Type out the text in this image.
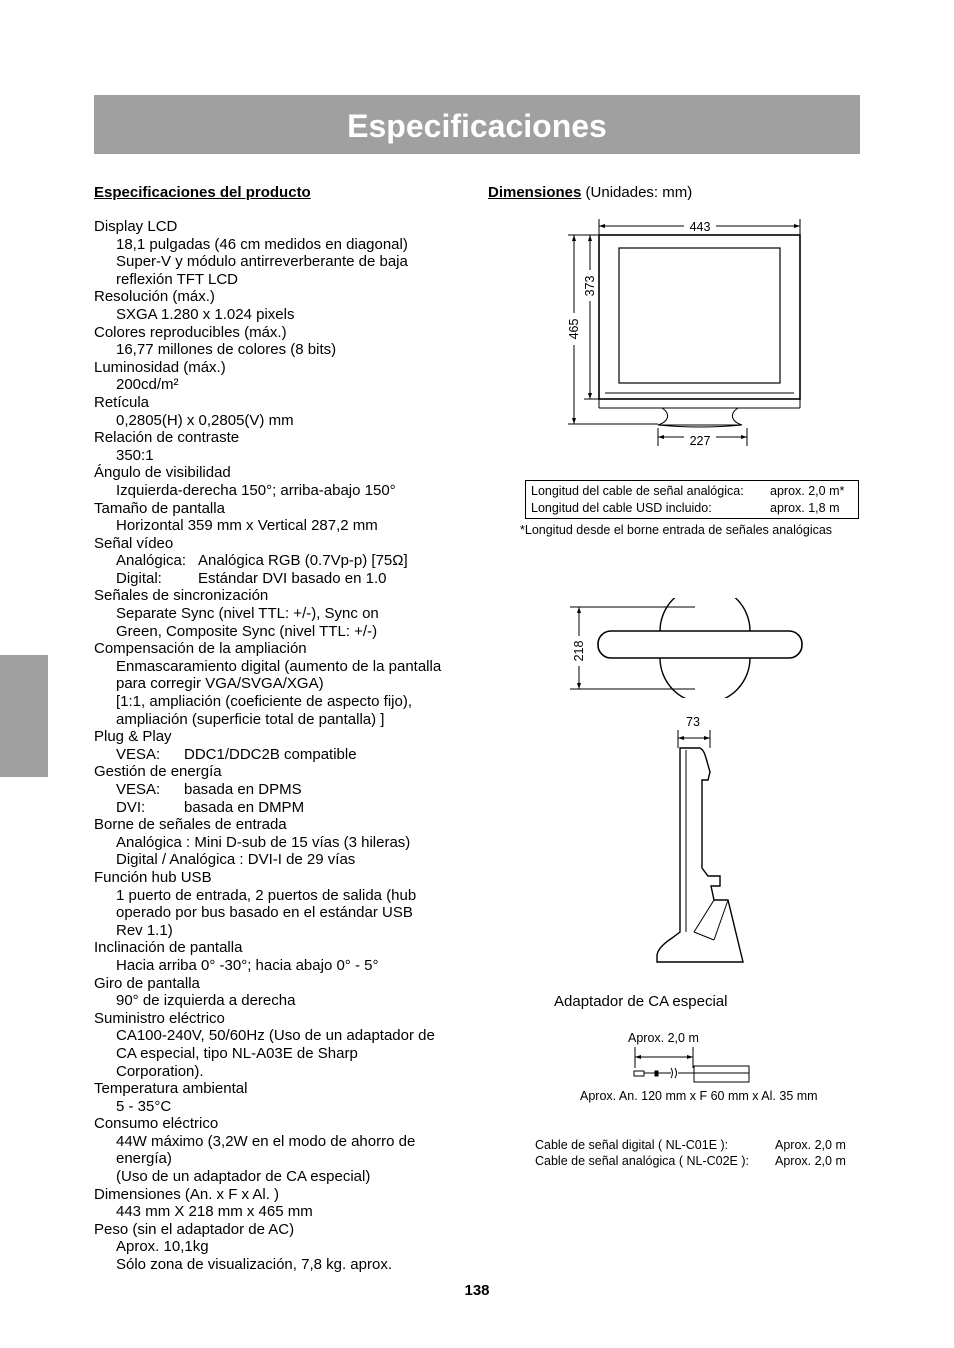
Especificaciones
Especificaciones del producto
Display LCD
18,1 pulgadas (46 cm medidos en diagonal)
Super-V y módulo antirreverberante de baja
reflexión TFT LCD
Resolución (máx.)
SXGA 1.280 x 1.024 pixels
Colores reproducibles (máx.)
16,77 millones de colores (8 bits)
Luminosidad (máx.)
200cd/m²
Retícula
0,2805(H) x 0,2805(V) mm
Relación de contraste
350:1
Ángulo de visibilidad
Izquierda-derecha 150°; arriba-abajo 150°
Tamaño de pantalla
Horizontal 359 mm x Vertical 287,2 mm
Señal vídeo
Analógica: Analógica RGB (0.7Vp-p) [75Ω]
Digital: Estándar DVI basado en 1.0
Señales de sincronización
Separate Sync (nivel TTL: +/-), Sync on
Green, Composite Sync (nivel TTL: +/-)
Compensación de la ampliación
Enmascaramiento digital (aumento de la pantalla
para corregir VGA/SVGA/XGA)
[1:1, ampliación (coeficiente de aspecto fijo),
ampliación (superficie total de pantalla) ]
Plug & Play
VESA: DDC1/DDC2B compatible
Gestión de energía
VESA: basada en DPMS
DVI:	basada en DMPM
Borne de señales de entrada
Analógica : Mini D-sub de 15 vías (3 hileras)
Digital / Analógica : DVI-I de 29 vías
Función hub USB
1 puerto de entrada, 2 puertos de salida (hub
operado por bus basado en el estándar USB
Rev 1.1)
Inclinación de pantalla
Hacia arriba 0° -30°; hacia abajo 0° - 5°
Giro de pantalla
90° de izquierda a derecha
Suministro eléctrico
CA100-240V, 50/60Hz (Uso de un adaptador de
CA especial, tipo NL-A03E de Sharp
Corporation).
Temperatura ambiental
5 - 35°C
Consumo eléctrico
44W máximo (3,2W en el modo de ahorro de
energía)
(Uso de un adaptador de CA especial)
Dimensiones (An. x F x Al. )
443 mm X 218 mm x 465 mm
Peso (sin el adaptador de AC)
Aprox. 10,1kg
Sólo zona de visualización, 7,8 kg. aprox.
Dimensiones (Unidades: mm)
443
465
373
227
Longitud del cable de señal analógica: aprox. 2,0 m*
Longitud del cable USD incluido:	aprox. 1,8 m
*Longitud desde el borne entrada de señales analógicas
218
73
Adaptador de CA especial
Aprox. 2,0 m
Aprox. An. 120 mm x F 60 mm x Al. 35 mm
Cable de señal digital ( NL-C01E ):	Aprox. 2,0 m
Cable de señal analógica ( NL-C02E ): Aprox. 2,0 m
138
